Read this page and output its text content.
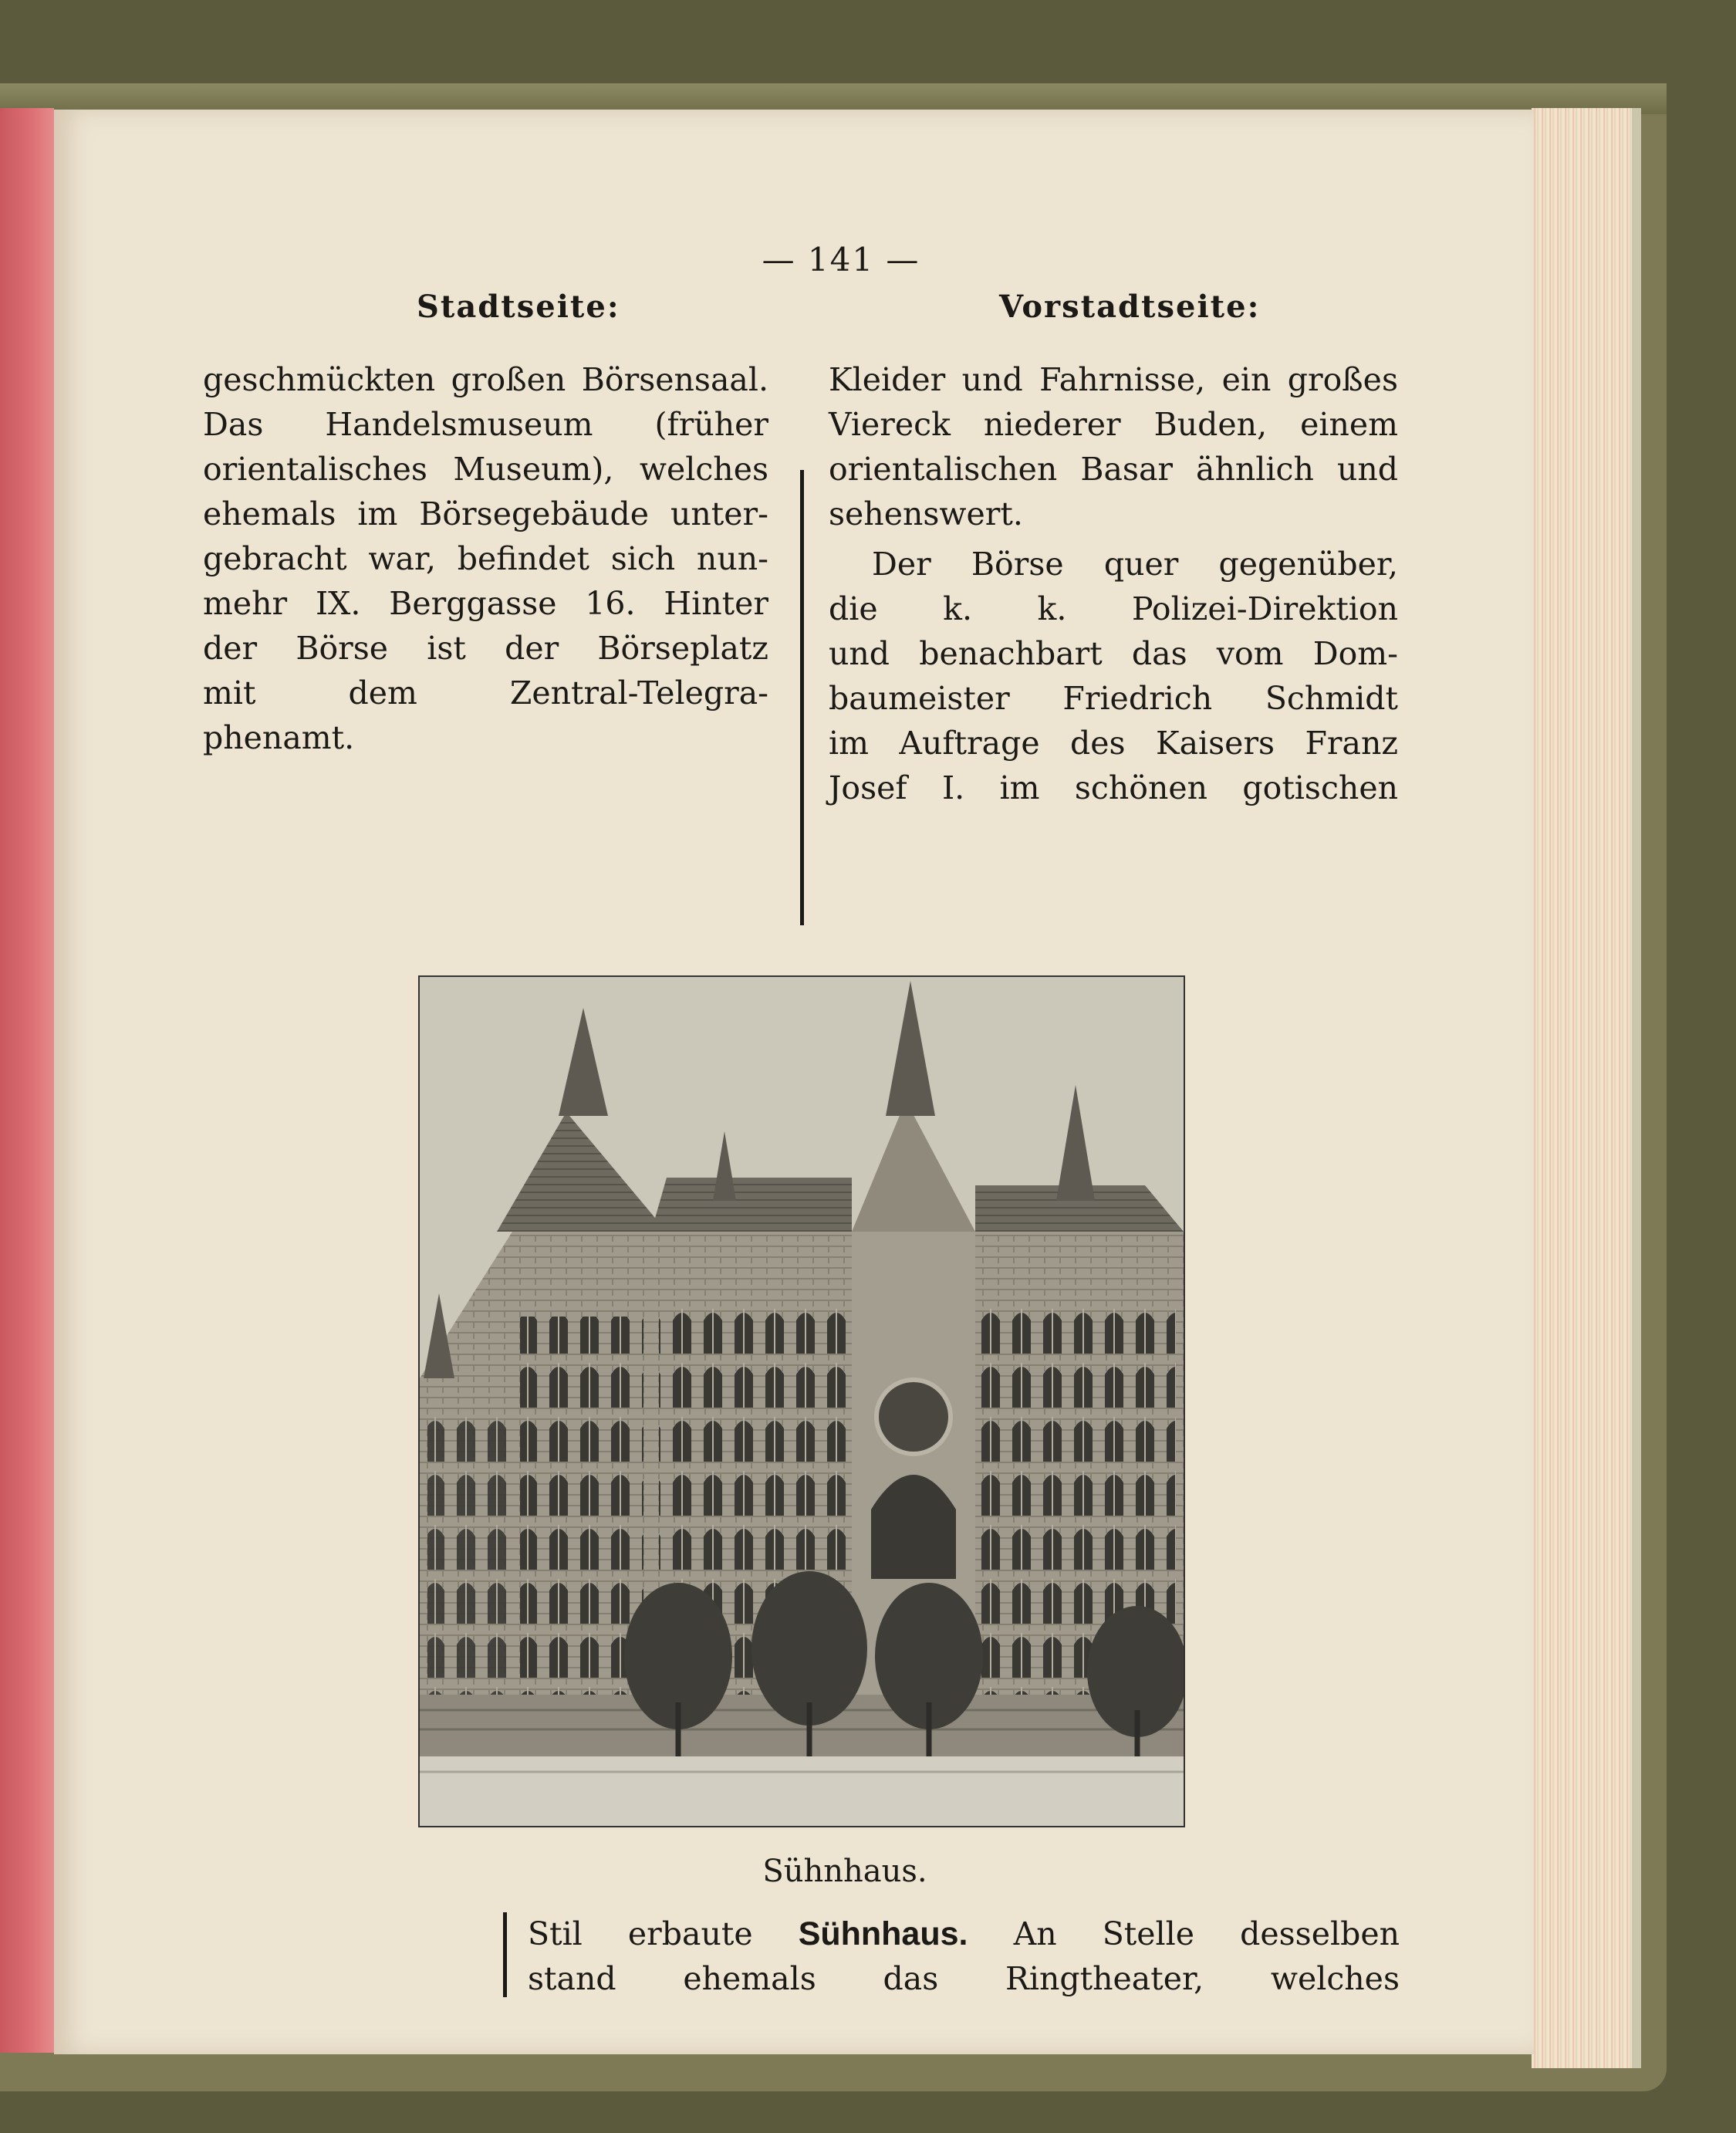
— 141 —
Stadtseite:	Vorstadtseite:
geschmückten großen Börsensaal.
Das Handelsmuseum (früher
orientalisches Museum), welches
ehemals im Börsegebäude unter-
gebracht war, befindet sich nun-
mehr IX. Berggasse 16. Hinter
der Börse ist der Börseplatz
mit dem Zentral-Telegra-
phenamt.
Kleider und Fahrnisse, ein großes
Viereck niederer Buden, einem
orientalischen Basar ähnlich und
sehenswert.
Der Börse quer gegenüber,
die k. k. Polizei-Direktion
und benachbart das vom Dom-
baumeister Friedrich Schmidt
im Auftrage des Kaisers Franz
Josef I. im schönen gotischen
Sühnhaus.
Stil erbaute Sühnhaus. An Stelle desselben
stand ehemals das Ringtheater, welches
